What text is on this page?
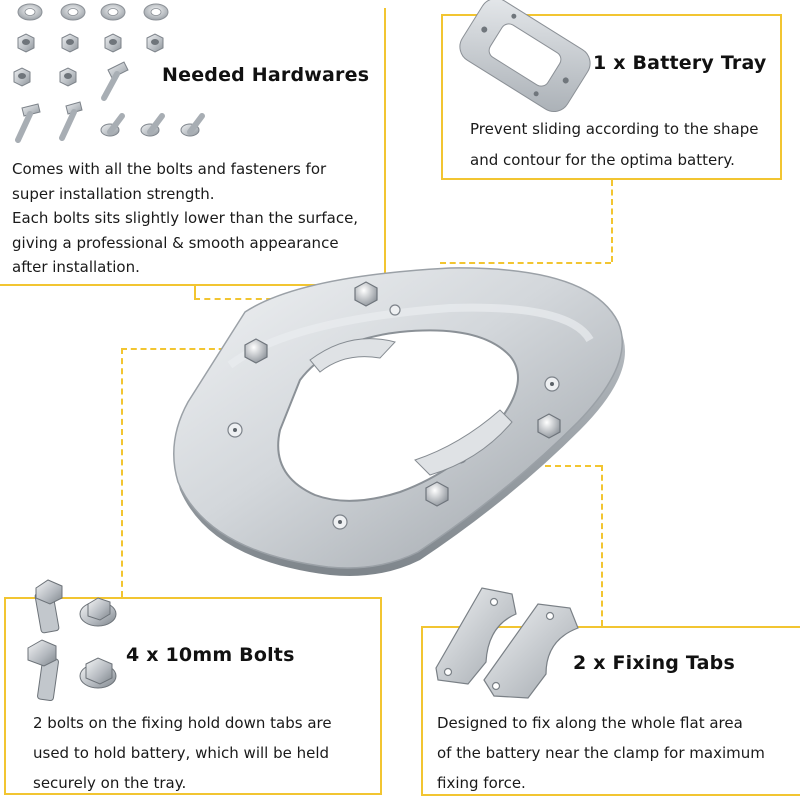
Needed Hardwares

Comes with all the bolts and fasteners for

super installation strength.

Each bolts sits slightly lower than the surface,

giving a professional & smooth appearance

after installation.

1 x Battery Tray

Prevent sliding according to the shape

and contour for the optima battery.

4 x 10mm Bolts

2 bolts on the fixing hold down tabs are

used to hold battery, which will be held

securely on the tray.

2 x Fixing Tabs

Designed to fix along the whole flat area

of the battery near the clamp for maximum

fixing force.
